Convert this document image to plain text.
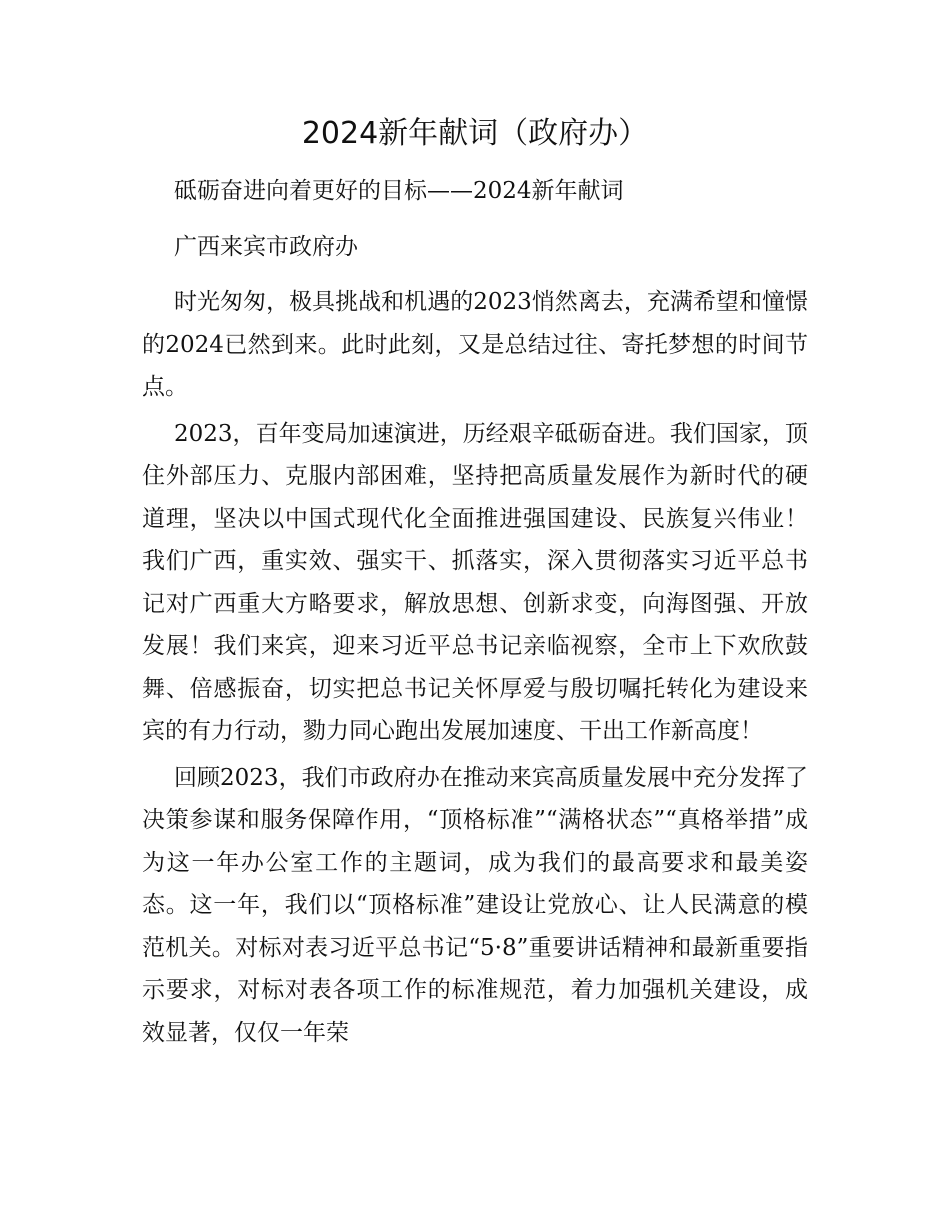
2024新年献词（政府办）

砥砺奋进向着更好的目标——2024新年献词

广西来宾市政府办

时光匆匆，极具挑战和机遇的2023悄然离去，充满希望和憧憬的2024已然到来。此时此刻，又是总结过往、寄托梦想的时间节点。

2023，百年变局加速演进，历经艰辛砥砺奋进。我们国家，顶住外部压力、克服内部困难，坚持把高质量发展作为新时代的硬道理，坚决以中国式现代化全面推进强国建设、民族复兴伟业！我们广西，重实效、强实干、抓落实，深入贯彻落实习近平总书记对广西重大方略要求，解放思想、创新求变，向海图强、开放发展！我们来宾，迎来习近平总书记亲临视察，全市上下欢欣鼓舞、倍感振奋，切实把总书记关怀厚爱与殷切嘱托转化为建设来宾的有力行动，勠力同心跑出发展加速度、干出工作新高度！

回顾2023，我们市政府办在推动来宾高质量发展中充分发挥了决策参谋和服务保障作用，“顶格标准”“满格状态”“真格举措”成为这一年办公室工作的主题词，成为我们的最高要求和最美姿态。这一年，我们以“顶格标准”建设让党放心、让人民满意的模范机关。对标对表习近平总书记“5·8”重要讲话精神和最新重要指示要求，对标对表各项工作的标准规范，着力加强机关建设，成效显著，仅仅一年荣
